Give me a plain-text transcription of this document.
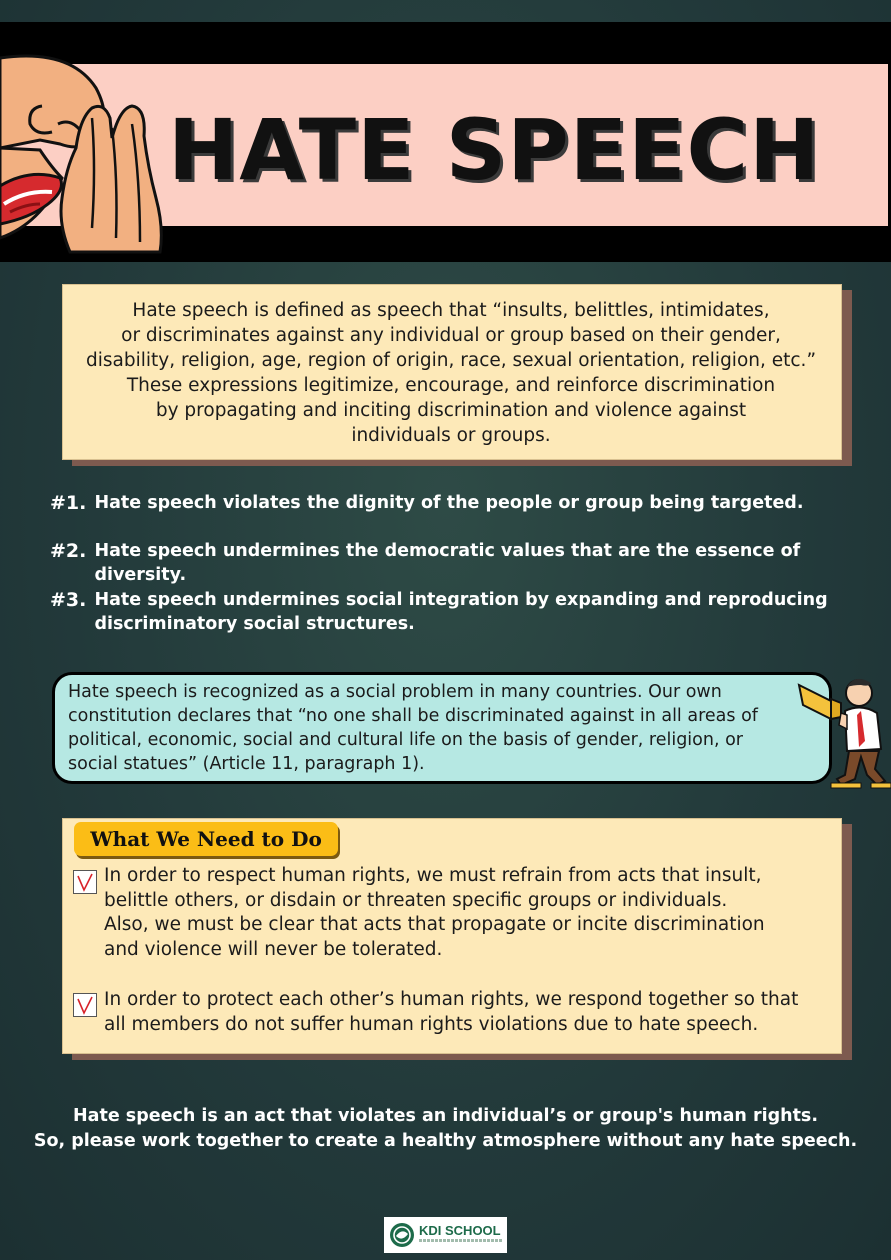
HATE SPEECH
Hate speech is defined as speech that “insults, belittles, intimidates,
or discriminates against any individual or group based on their gender,
disability, religion, age, region of origin, race, sexual orientation, religion, etc.”
These expressions legitimize, encourage, and reinforce discrimination
by propagating and inciting discrimination and violence against
individuals or groups.
#1. Hate speech violates the dignity of the people or group being targeted.
#2. Hate speech undermines the democratic values that are the essence of diversity.
#3. Hate speech undermines social integration by expanding and reproducing discriminatory social structures.
Hate speech is recognized as a social problem in many countries. Our own
constitution declares that “no one shall be discriminated against in all areas of
political, economic, social and cultural life on the basis of gender, religion, or
social statues” (Article 11, paragraph 1).
What We Need to Do
In order to respect human rights, we must refrain from acts that insult,
belittle others, or disdain or threaten specific groups or individuals.
Also, we must be clear that acts that propagate or incite discrimination
and violence will never be tolerated.
In order to protect each other’s human rights, we respond together so that
all members do not suffer human rights violations due to hate speech.
Hate speech is an act that violates an individual’s or group's human rights.
So, please work together to create a healthy atmosphere without any hate speech.
KDI SCHOOL
